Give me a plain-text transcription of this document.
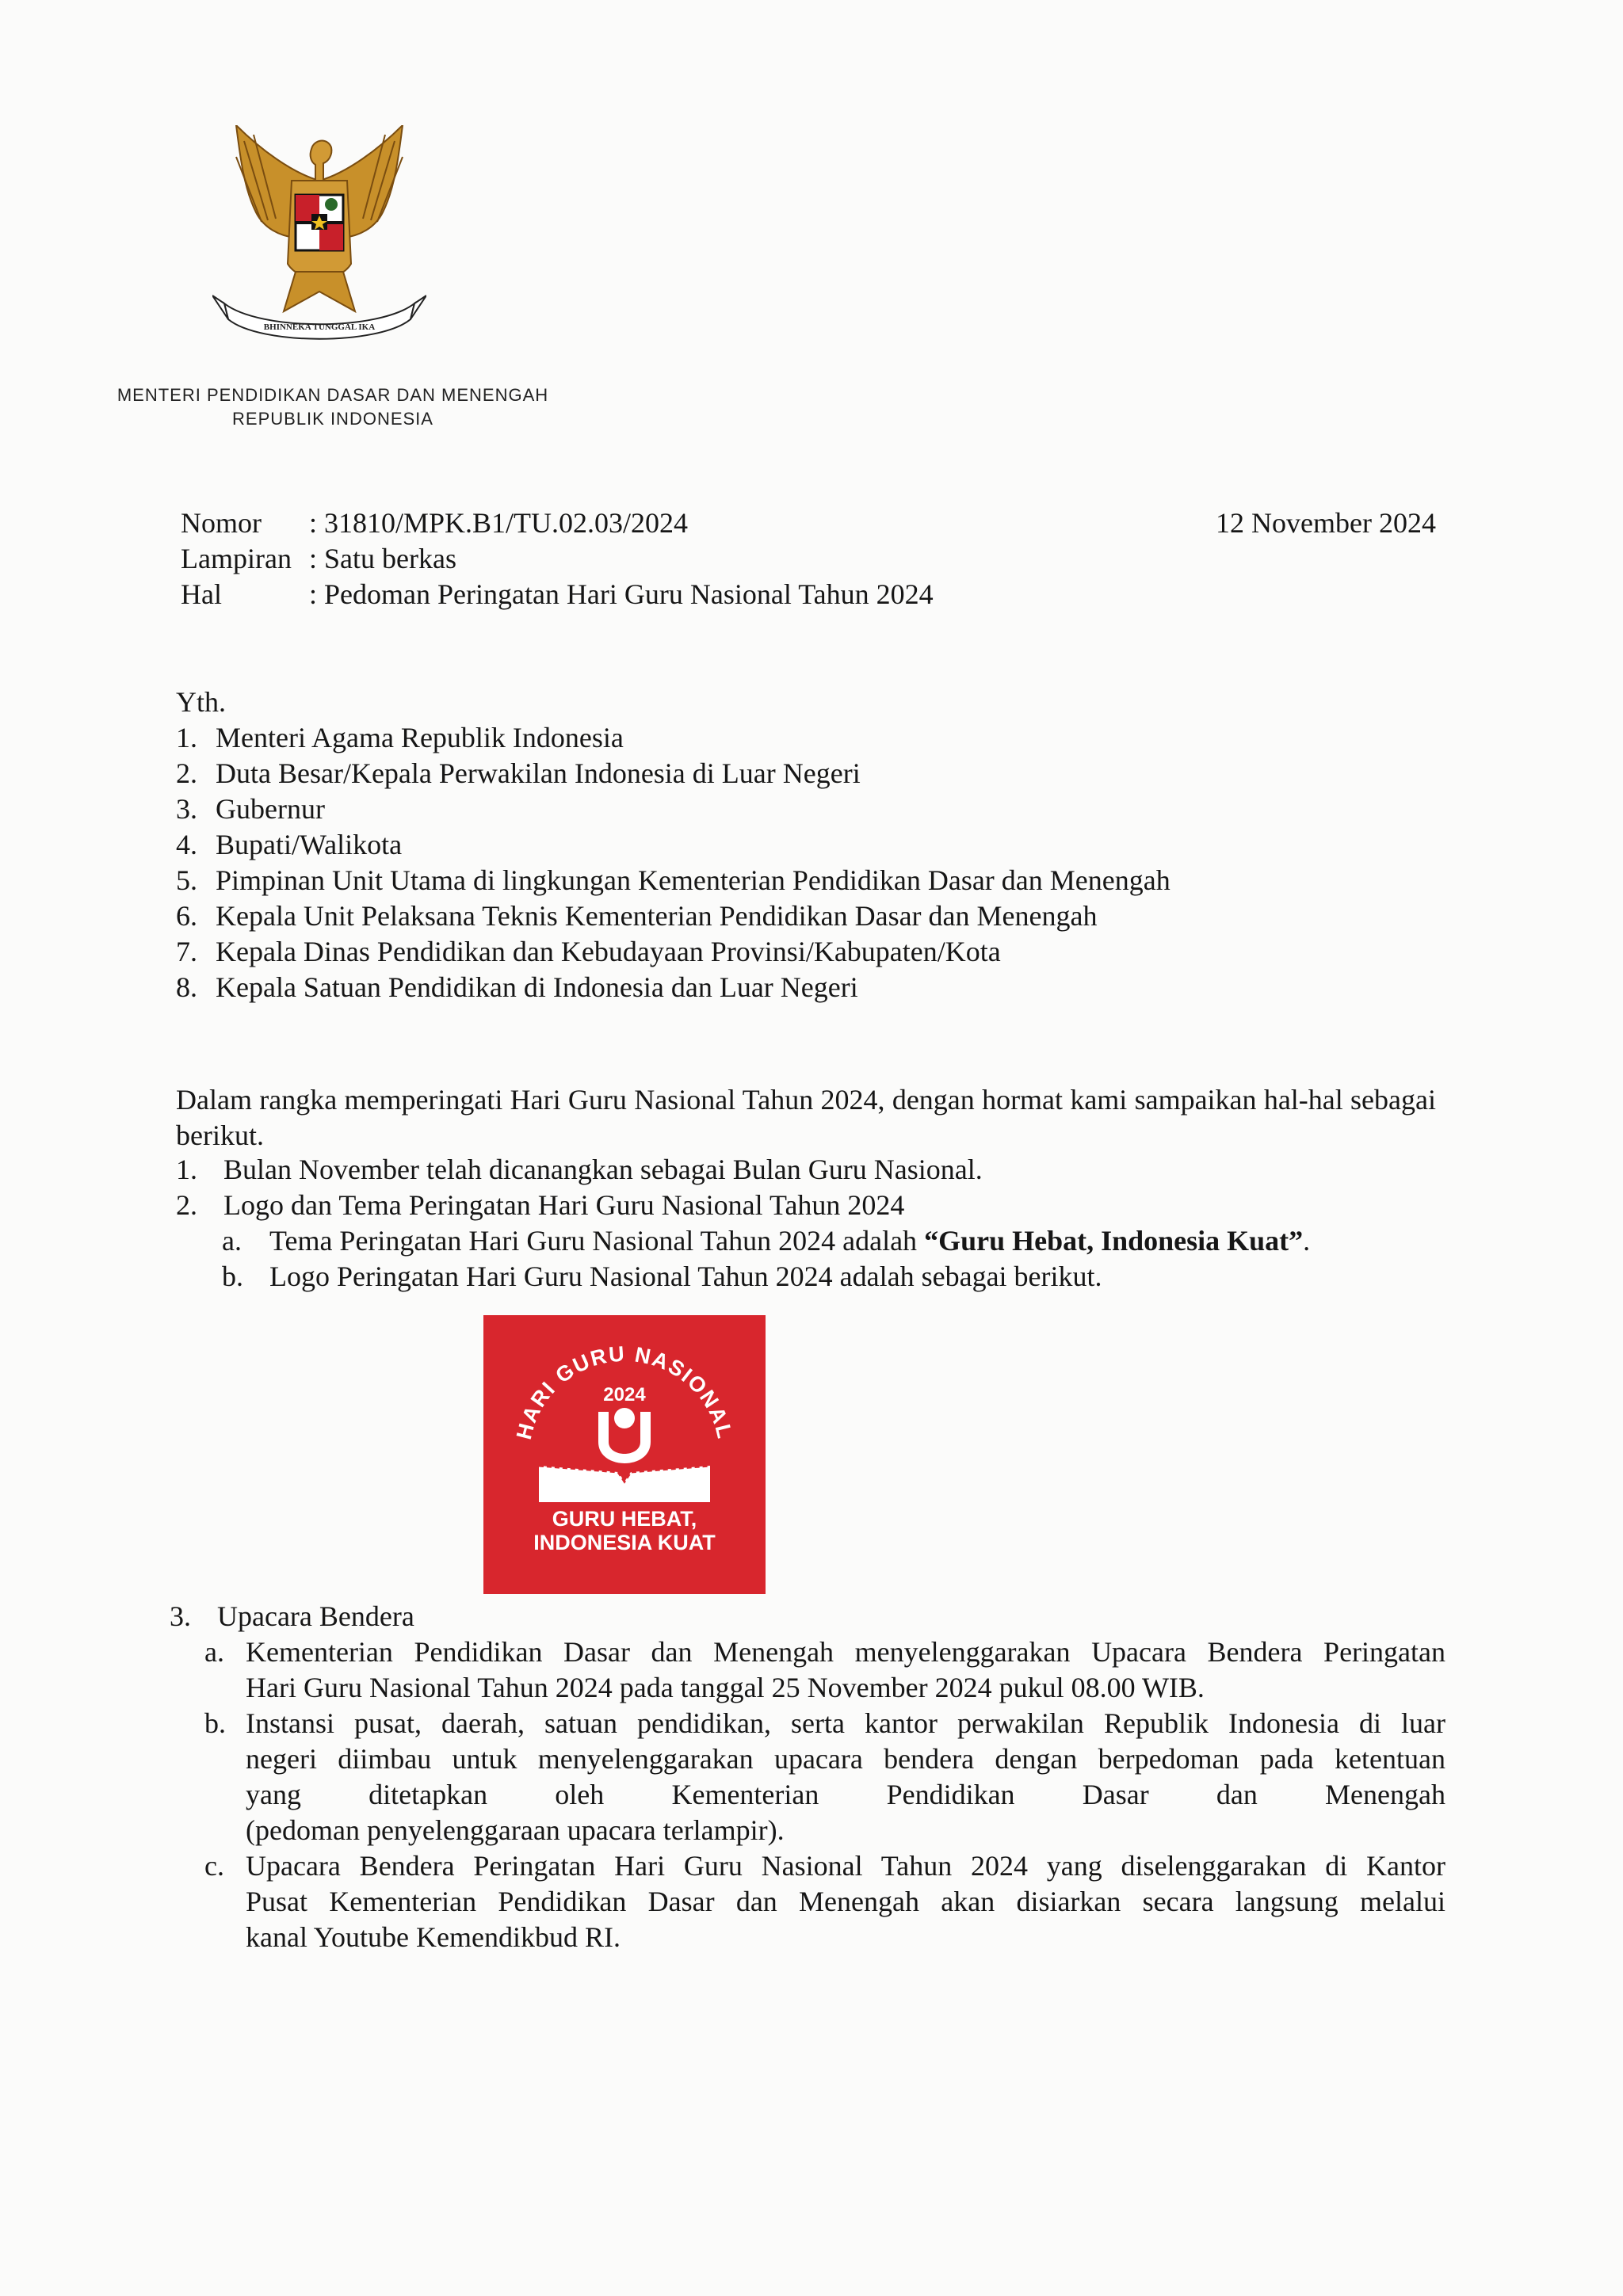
BHINNEKA TUNGGAL IKA
MENTERI PENDIDIKAN DASAR DAN MENENGAH
REPUBLIK INDONESIA
Nomor : 31810/MPK.B1/TU.02.03/2024	12 November 2024
Lampiran : Satu berkas
Hal	: Pedoman Peringatan Hari Guru Nasional Tahun 2024
Yth.
1. Menteri Agama Republik Indonesia
2. Duta Besar/Kepala Perwakilan Indonesia di Luar Negeri
3. Gubernur
4. Bupati/Walikota
5. Pimpinan Unit Utama di lingkungan Kementerian Pendidikan Dasar dan Menengah
6. Kepala Unit Pelaksana Teknis Kementerian Pendidikan Dasar dan Menengah
7. Kepala Dinas Pendidikan dan Kebudayaan Provinsi/Kabupaten/Kota
8. Kepala Satuan Pendidikan di Indonesia dan Luar Negeri
Dalam rangka memperingati Hari Guru Nasional Tahun 2024, dengan hormat kami sampaikan hal-hal sebagai berikut.
1. Bulan November telah dicanangkan sebagai Bulan Guru Nasional.
2. Logo dan Tema Peringatan Hari Guru Nasional Tahun 2024
a. Tema Peringatan Hari Guru Nasional Tahun 2024 adalah “Guru Hebat, Indonesia Kuat”.
b. Logo Peringatan Hari Guru Nasional Tahun 2024 adalah sebagai berikut.
HARI GURU NASIONAL
2024
GURU HEBAT,
INDONESIA KUAT
3. Upacara Bendera
a. Kementerian Pendidikan Dasar dan Menengah menyelenggarakan Upacara Bendera Peringatan

Hari Guru Nasional Tahun 2024 pada tanggal 25 November 2024 pukul 08.00 WIB.

b. Instansi pusat, daerah, satuan pendidikan, serta kantor perwakilan Republik Indonesia di luar

negeri diimbau untuk menyelenggarakan upacara bendera dengan berpedoman pada ketentuan

yang ditetapkan oleh Kementerian Pendidikan Dasar dan Menengah

(pedoman penyelenggaraan upacara terlampir).

c. Upacara Bendera Peringatan Hari Guru Nasional Tahun 2024 yang diselenggarakan di Kantor

Pusat Kementerian Pendidikan Dasar dan Menengah akan disiarkan secara langsung melalui

kanal Youtube Kemendikbud RI.
